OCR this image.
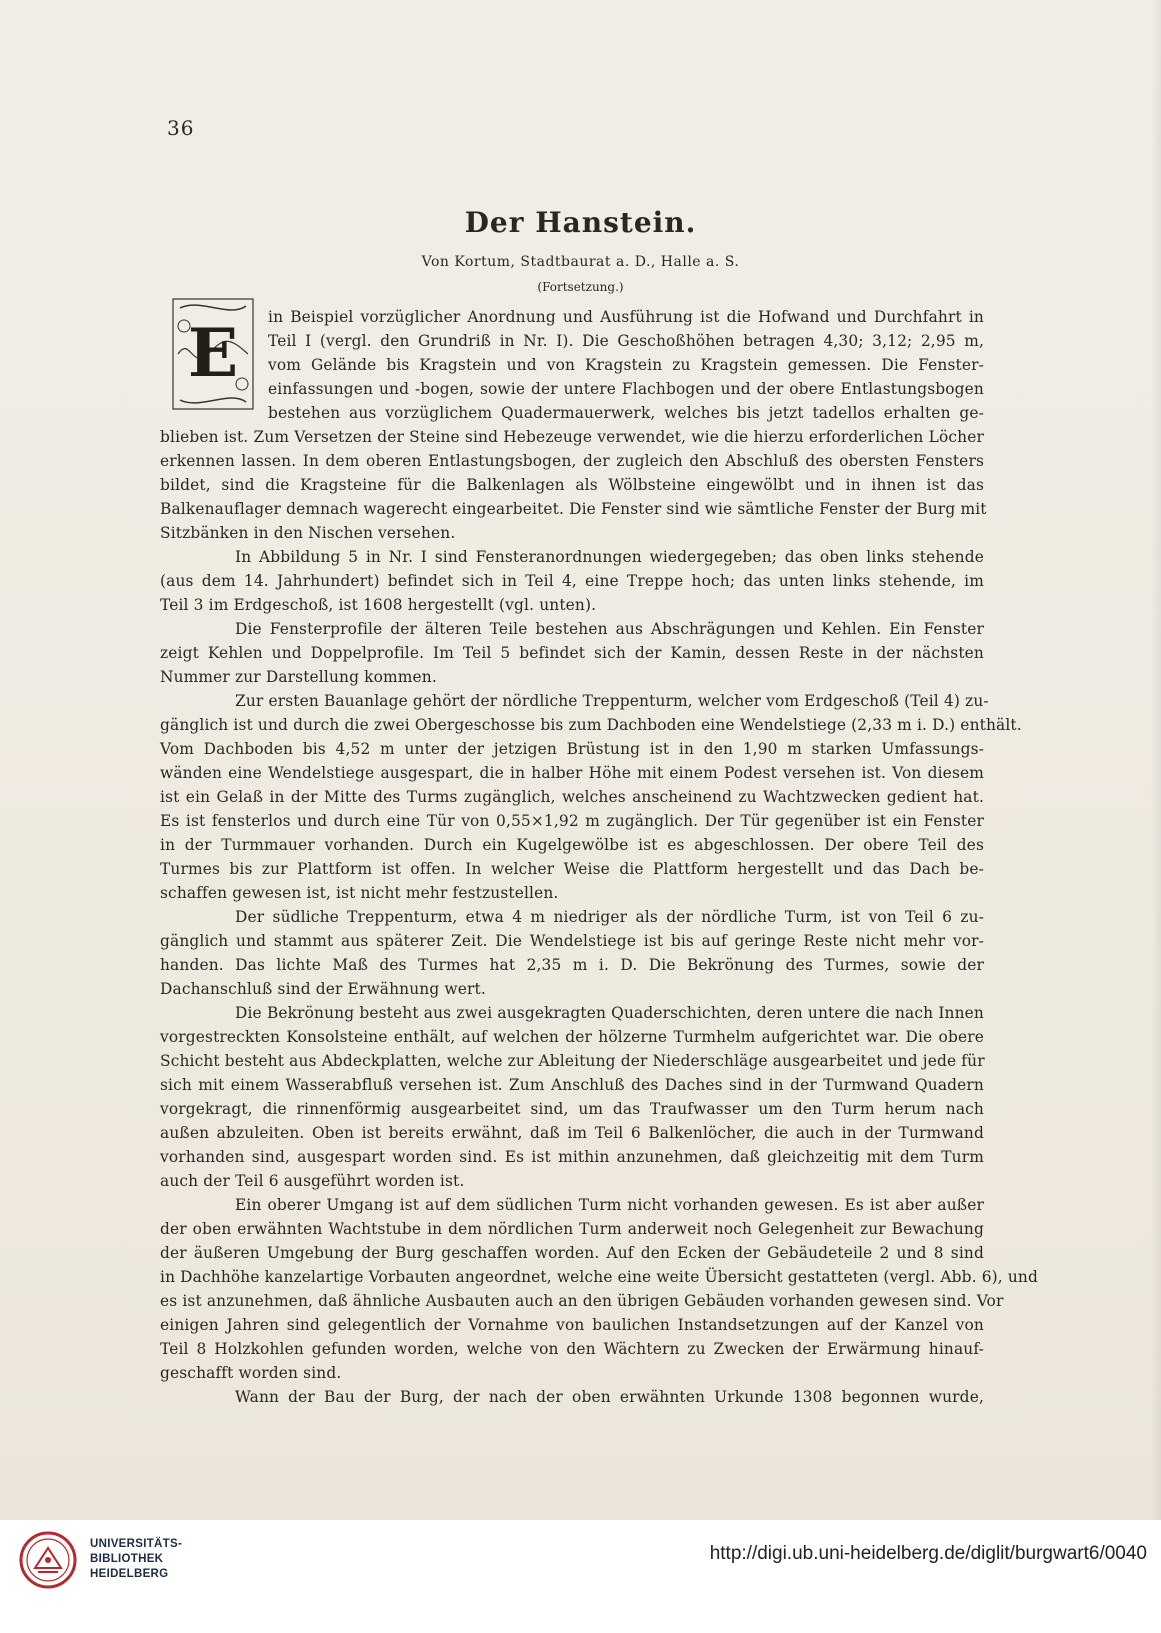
36
Der Hanstein.
Von Kortum, Stadtbaurat a. D., Halle a. S.
(Fortsetzung.)
E in Beispiel vorzüglicher Anordnung und Ausführung ist die Hofwand und Durchfahrt in
Teil I (vergl. den Grundriß in Nr. I). Die Geschoßhöhen betragen 4,30; 3,12; 2,95 m,
vom Gelände bis Kragstein und von Kragstein zu Kragstein gemessen. Die Fenster-
einfassungen und -bogen, sowie der untere Flachbogen und der obere Entlastungsbogen
bestehen aus vorzüglichem Quadermauerwerk, welches bis jetzt tadellos erhalten ge-
blieben ist. Zum Versetzen der Steine sind Hebezeuge verwendet, wie die hierzu erforderlichen Löcher
erkennen lassen. In dem oberen Entlastungsbogen, der zugleich den Abschluß des obersten Fensters
bildet, sind die Kragsteine für die Balkenlagen als Wölbsteine eingewölbt und in ihnen ist das
Balkenauflager demnach wagerecht eingearbeitet. Die Fenster sind wie sämtliche Fenster der Burg mit
Sitzbänken in den Nischen versehen.
In Abbildung 5 in Nr. I sind Fensteranordnungen wiedergegeben; das oben links stehende
(aus dem 14. Jahrhundert) befindet sich in Teil 4, eine Treppe hoch; das unten links stehende, im
Teil 3 im Erdgeschoß, ist 1608 hergestellt (vgl. unten).
Die Fensterprofile der älteren Teile bestehen aus Abschrägungen und Kehlen. Ein Fenster
zeigt Kehlen und Doppelprofile. Im Teil 5 befindet sich der Kamin, dessen Reste in der nächsten
Nummer zur Darstellung kommen.
Zur ersten Bauanlage gehört der nördliche Treppenturm, welcher vom Erdgeschoß (Teil 4) zu-
gänglich ist und durch die zwei Obergeschosse bis zum Dachboden eine Wendelstiege (2,33 m i. D.) enthält.
Vom Dachboden bis 4,52 m unter der jetzigen Brüstung ist in den 1,90 m starken Umfassungs-
wänden eine Wendelstiege ausgespart, die in halber Höhe mit einem Podest versehen ist. Von diesem
ist ein Gelaß in der Mitte des Turms zugänglich, welches anscheinend zu Wachtzwecken gedient hat.
Es ist fensterlos und durch eine Tür von 0,55×1,92 m zugänglich. Der Tür gegenüber ist ein Fenster
in der Turmmauer vorhanden. Durch ein Kugelgewölbe ist es abgeschlossen. Der obere Teil des
Turmes bis zur Plattform ist offen. In welcher Weise die Plattform hergestellt und das Dach be-
schaffen gewesen ist, ist nicht mehr festzustellen.
Der südliche Treppenturm, etwa 4 m niedriger als der nördliche Turm, ist von Teil 6 zu-
gänglich und stammt aus späterer Zeit. Die Wendelstiege ist bis auf geringe Reste nicht mehr vor-
handen. Das lichte Maß des Turmes hat 2,35 m i. D. Die Bekrönung des Turmes, sowie der
Dachanschluß sind der Erwähnung wert.
Die Bekrönung besteht aus zwei ausgekragten Quaderschichten, deren untere die nach Innen
vorgestreckten Konsolsteine enthält, auf welchen der hölzerne Turmhelm aufgerichtet war. Die obere
Schicht besteht aus Abdeckplatten, welche zur Ableitung der Niederschläge ausgearbeitet und jede für
sich mit einem Wasserabfluß versehen ist. Zum Anschluß des Daches sind in der Turmwand Quadern
vorgekragt, die rinnenförmig ausgearbeitet sind, um das Traufwasser um den Turm herum nach
außen abzuleiten. Oben ist bereits erwähnt, daß im Teil 6 Balkenlöcher, die auch in der Turmwand
vorhanden sind, ausgespart worden sind. Es ist mithin anzunehmen, daß gleichzeitig mit dem Turm
auch der Teil 6 ausgeführt worden ist.
Ein oberer Umgang ist auf dem südlichen Turm nicht vorhanden gewesen. Es ist aber außer
der oben erwähnten Wachtstube in dem nördlichen Turm anderweit noch Gelegenheit zur Bewachung
der äußeren Umgebung der Burg geschaffen worden. Auf den Ecken der Gebäudeteile 2 und 8 sind
in Dachhöhe kanzelartige Vorbauten angeordnet, welche eine weite Übersicht gestatteten (vergl. Abb. 6), und
es ist anzunehmen, daß ähnliche Ausbauten auch an den übrigen Gebäuden vorhanden gewesen sind. Vor
einigen Jahren sind gelegentlich der Vornahme von baulichen Instandsetzungen auf der Kanzel von
Teil 8 Holzkohlen gefunden worden, welche von den Wächtern zu Zwecken der Erwärmung hinauf-
geschafft worden sind.
Wann der Bau der Burg, der nach der oben erwähnten Urkunde 1308 begonnen wurde,
UNIVERSITÄTS-
BIBLIOTHEK
HEIDELBERG
http://digi.ub.uni-heidelberg.de/diglit/burgwart6/0040
